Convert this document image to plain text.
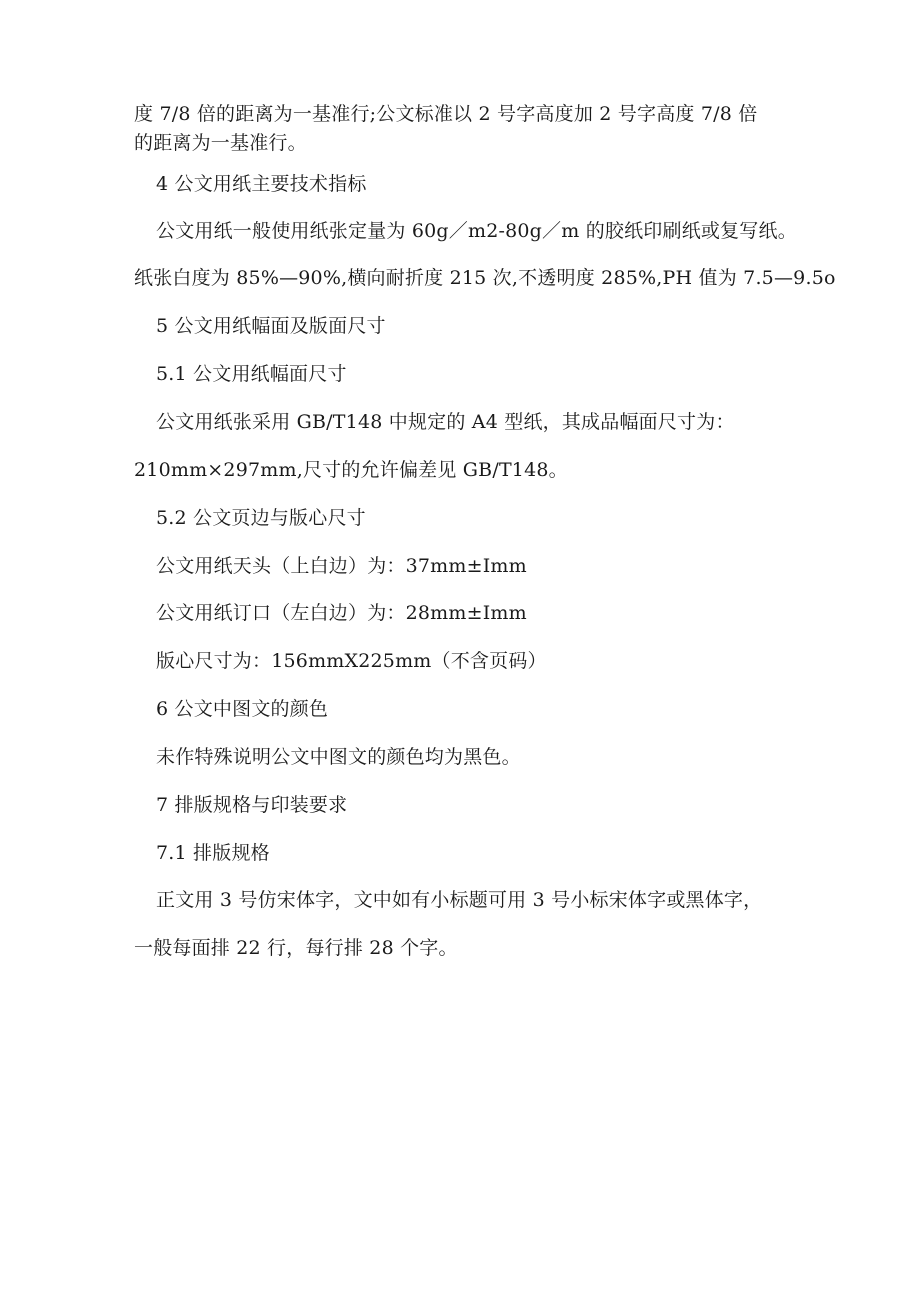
度 7/8 倍的距离为一基准行;公文标准以 2 号字高度加 2 号字高度 7/8 倍
的距离为一基准行。
4 公文用纸主要技术指标
公文用纸一般使用纸张定量为 60g／m2-80g／m 的胶纸印刷纸或复写纸。
纸张白度为 85%—90%,横向耐折度 215 次,不透明度 285%,PH 值为 7.5—9.5o
5 公文用纸幅面及版面尺寸
5.1 公文用纸幅面尺寸
公文用纸张采用 GB/T148 中规定的 A4 型纸，其成品幅面尺寸为：
210mm×297mm,尺寸的允许偏差见 GB/T148。
5.2 公文页边与版心尺寸
公文用纸天头（上白边）为：37mm±Imm
公文用纸订口（左白边）为：28mm±Imm
版心尺寸为：156mmX225mm（不含页码）
6 公文中图文的颜色
未作特殊说明公文中图文的颜色均为黑色。
7 排版规格与印装要求
7.1 排版规格
正文用 3 号仿宋体字，文中如有小标题可用 3 号小标宋体字或黑体字，
一般每面排 22 行，每行排 28 个字。
